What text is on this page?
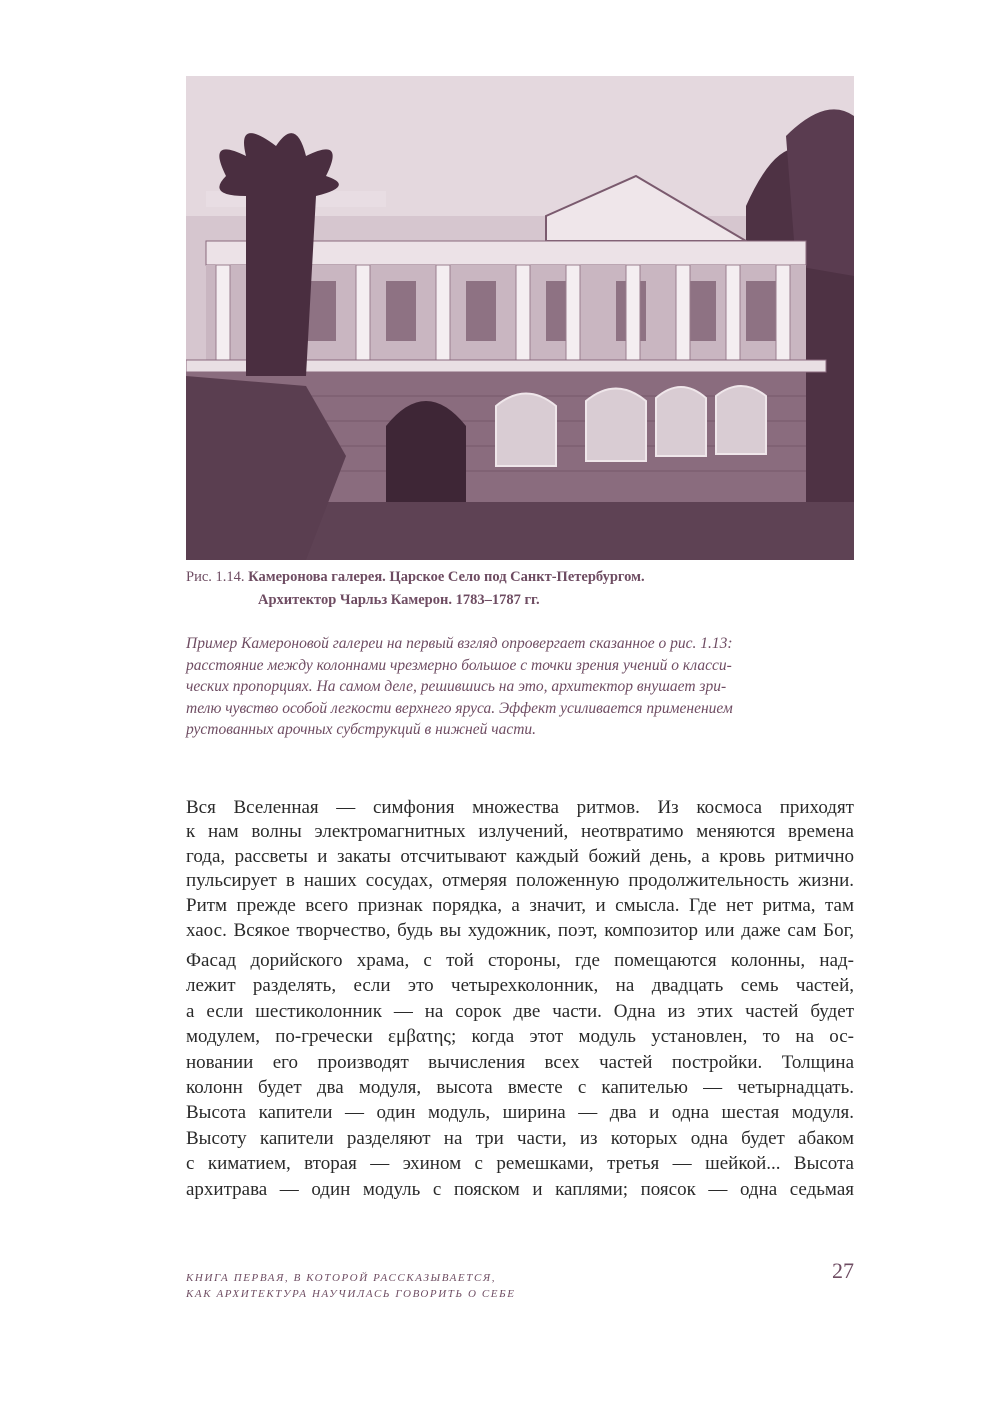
Рис. 1.14. Камеронова галерея. Царское Село под Санкт-Петербургом.
Архитектор Чарльз Камерон. 1783–1787 гг.
Пример Камероновой галереи на первый взгляд опровергает сказанное о рис. 1.13:
расстояние между колоннами чрезмерно большое с точки зрения учений о класси-
ческих пропорциях. На самом деле, решившись на это, архитектор внушает зри-
телю чувство особой легкости верхнего яруса. Эффект усиливается применением
рустованных арочных субструкций в нижней части.
Вся Вселенная — симфония множества ритмов. Из космоса приходят
к нам волны электромагнитных излучений, неотвратимо меняются времена
года, рассветы и закаты отсчитывают каждый божий день, а кровь ритмично
пульсирует в наших сосудах, отмеряя положенную продолжительность жизни.
Ритм прежде всего признак порядка, а значит, и смысла. Где нет ритма, там
хаос. Всякое творчество, будь вы художник, поэт, композитор или даже сам Бог,
Фасад дорийского храма, с той стороны, где помещаются колонны, над-
лежит разделять, если это четырехколонник, на двадцать семь частей,
а если шестиколонник — на сорок две части. Одна из этих частей будет
модулем, по-гречески εμβατης; когда этот модуль установлен, то на ос-
новании его производят вычисления всех частей постройки. Толщина
колонн будет два модуля, высота вместе с капителью — четырнадцать.
Высота капители — один модуль, ширина — два и одна шестая модуля.
Высоту капители разделяют на три части, из которых одна будет абаком
с киматием, вторая — эхином с ремешками, третья — шейкой... Высота
архитрава — один модуль с пояском и каплями; поясок — одна седьмая
КНИГА ПЕРВАЯ, В КОТОРОЙ РАССКАЗЫВАЕТСЯ,
КАК АРХИТЕКТУРА НАУЧИЛАСЬ ГОВОРИТЬ О СЕБЕ
27
